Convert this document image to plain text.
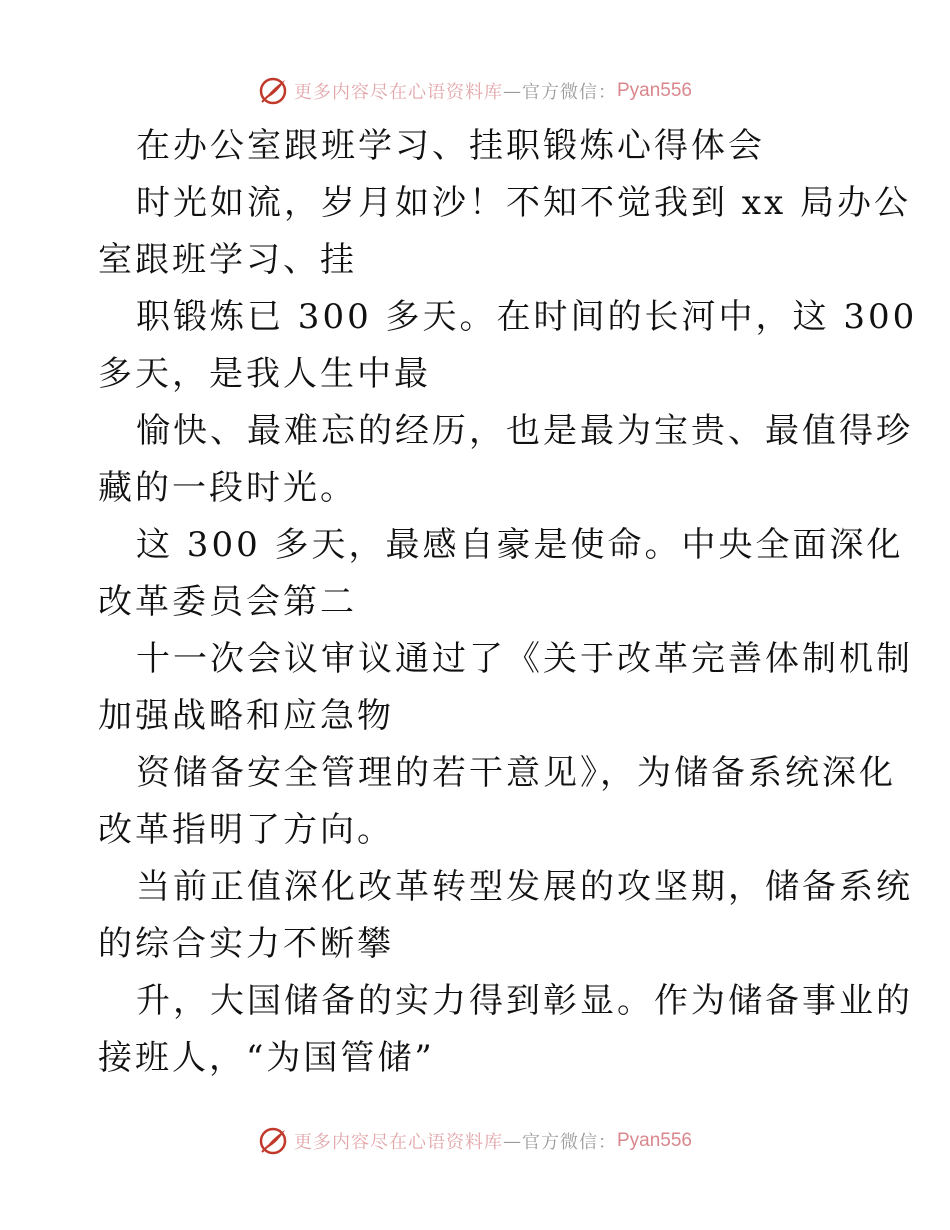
更多内容尽在心语资料库 — 官方微信： Pyan556

在办公室跟班学习、挂职锻炼心得体会

时光如流，岁月如沙！不知不觉我到 xx 局办公

室跟班学习、挂

职锻炼已 300 多天。在时间的长河中，这 300

多天，是我人生中最

愉快、最难忘的经历，也是最为宝贵、最值得珍

藏的一段时光。

这 300 多天，最感自豪是使命。中央全面深化

改革委员会第二

十一次会议审议通过了《关于改革完善体制机制

加强战略和应急物

资储备安全管理的若干意见》，为储备系统深化

改革指明了方向。

当前正值深化改革转型发展的攻坚期，储备系统

的综合实力不断攀

升，大国储备的实力得到彰显。作为储备事业的

接班人，“为国管储”

更多内容尽在心语资料库 — 官方微信： Pyan556
